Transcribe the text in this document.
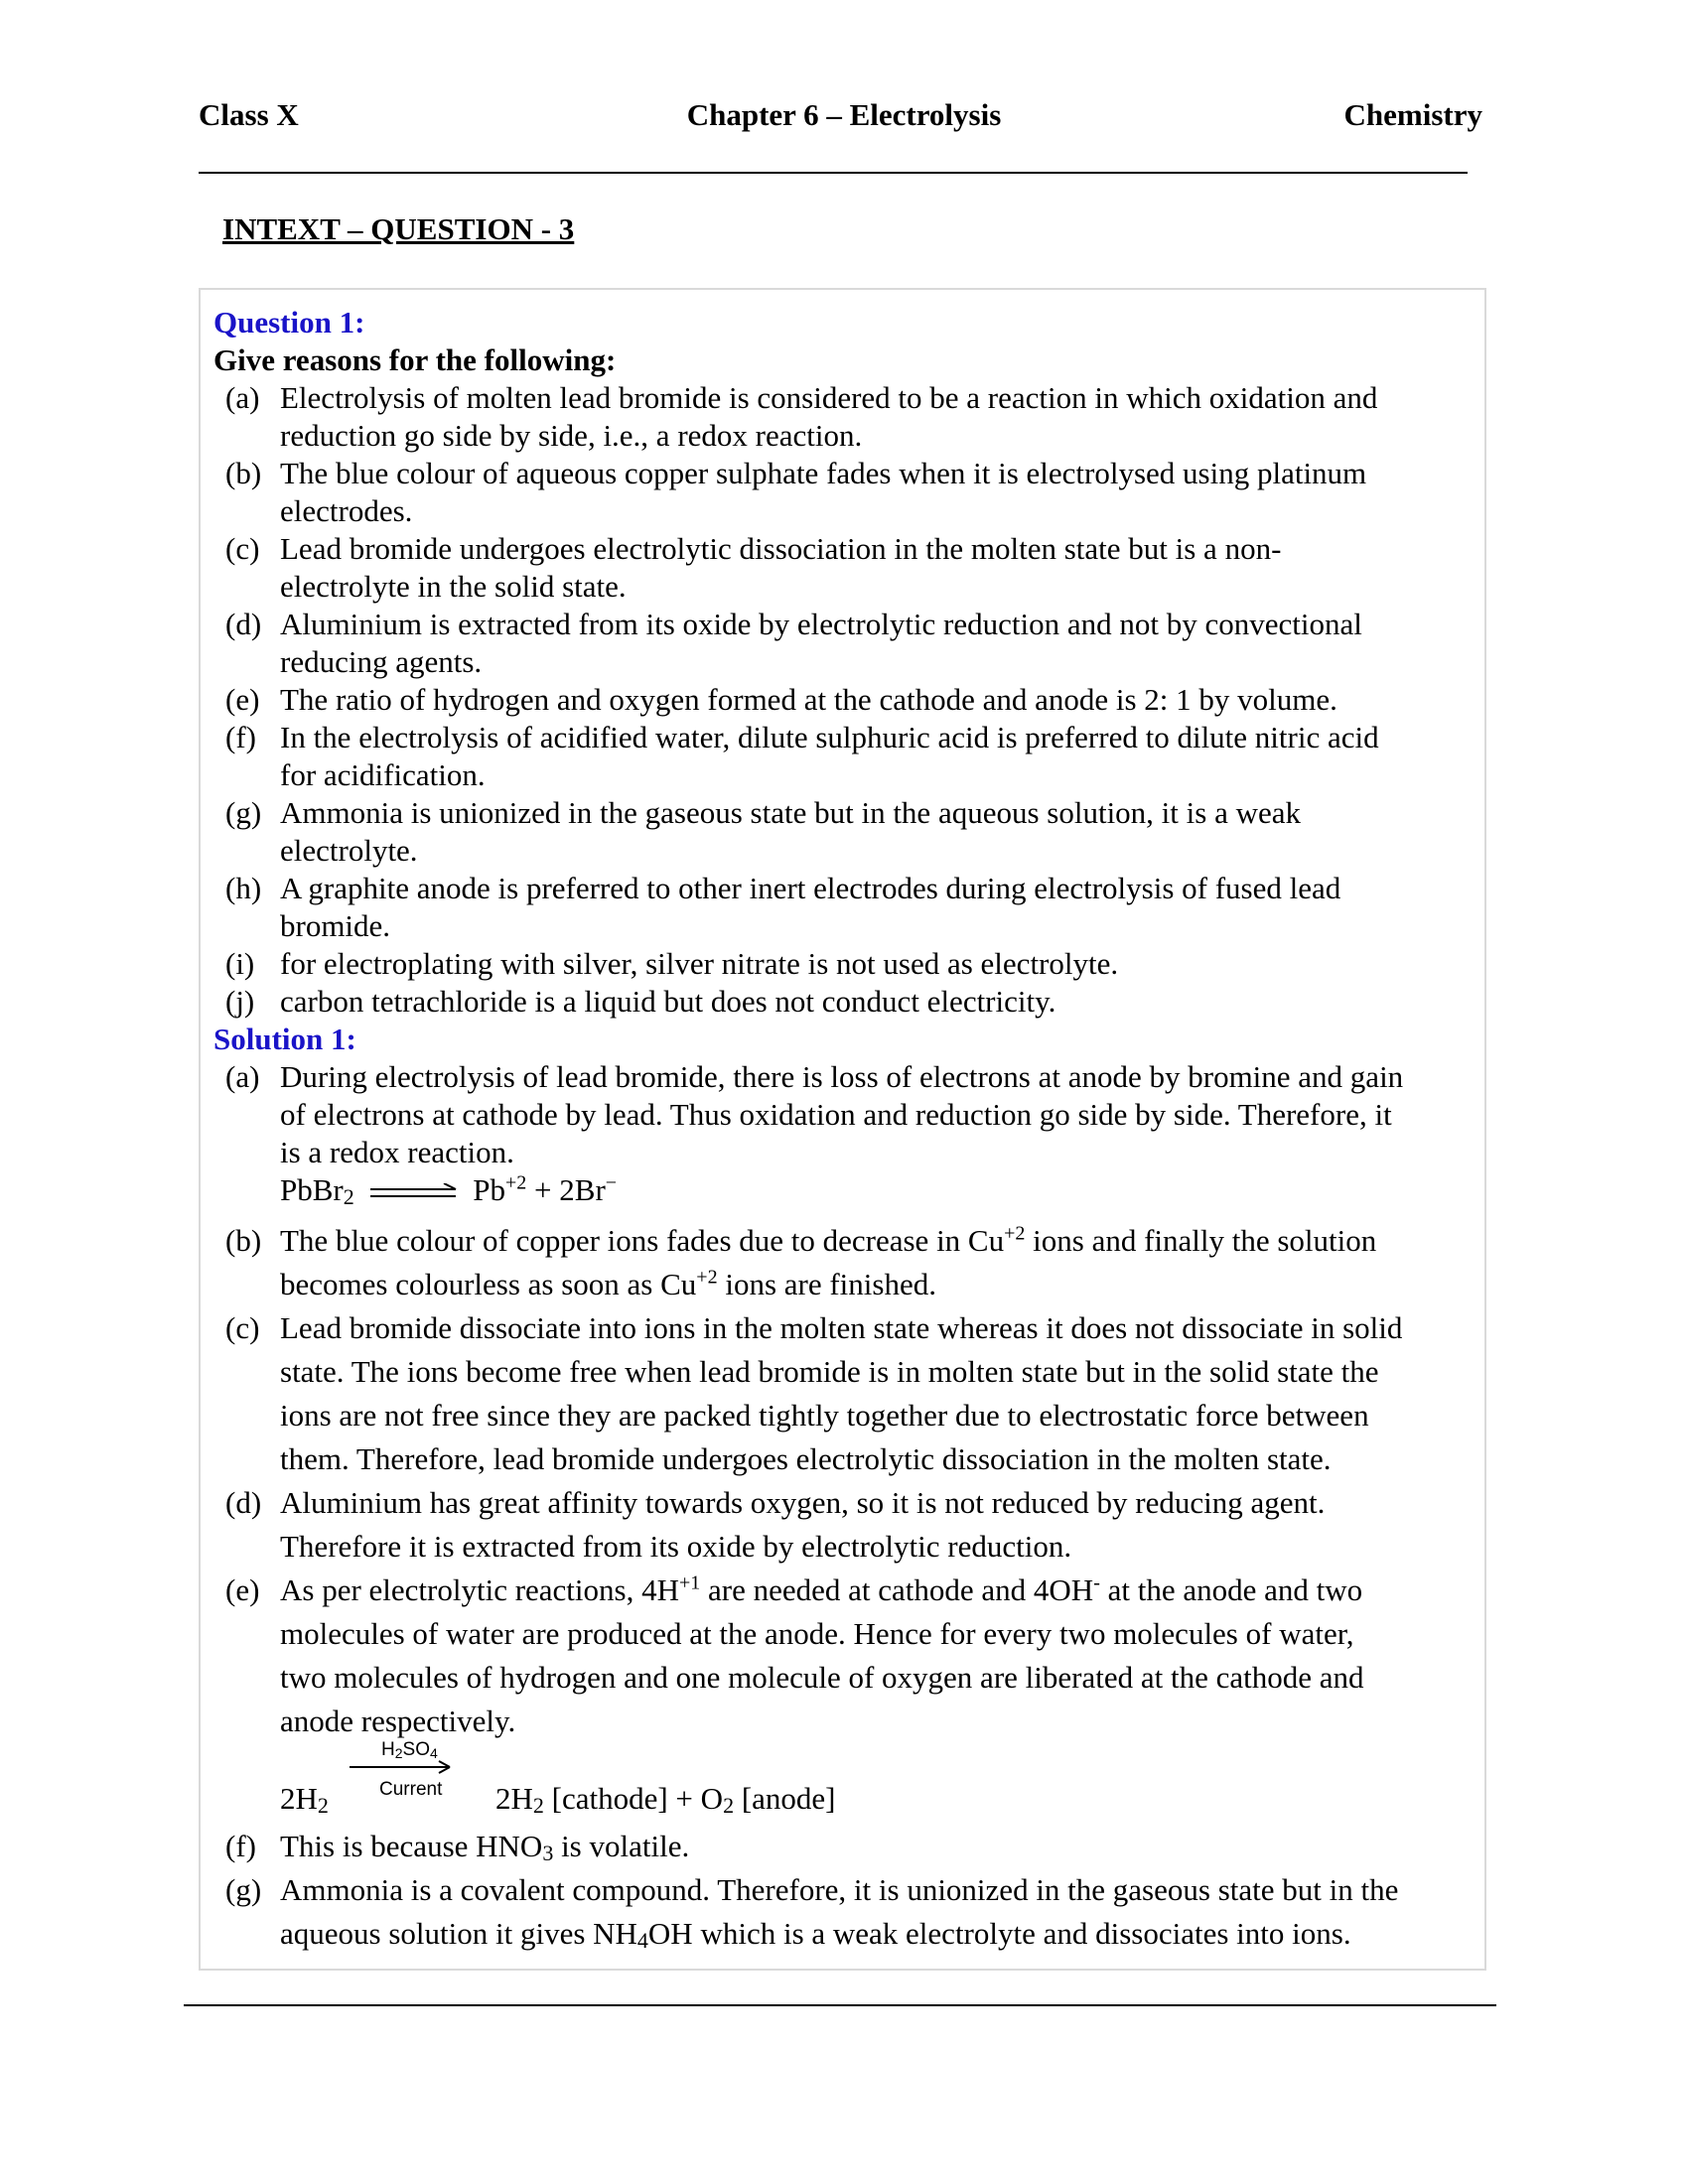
Class X	Chapter 6 – Electrolysis	Chemistry
INTEXT – QUESTION - 3
Question 1:
Give reasons for the following:
(a) Electrolysis of molten lead bromide is considered to be a reaction in which oxidation and
reduction go side by side, i.e., a redox reaction.
(b) The blue colour of aqueous copper sulphate fades when it is electrolysed using platinum
electrodes.
(c) Lead bromide undergoes electrolytic dissociation in the molten state but is a non-
electrolyte in the solid state.
(d) Aluminium is extracted from its oxide by electrolytic reduction and not by convectional
reducing agents.
(e) The ratio of hydrogen and oxygen formed at the cathode and anode is 2: 1 by volume.
(f) In the electrolysis of acidified water, dilute sulphuric acid is preferred to dilute nitric acid
for acidification.
(g) Ammonia is unionized in the gaseous state but in the aqueous solution, it is a weak
electrolyte.
(h) A graphite anode is preferred to other inert electrodes during electrolysis of fused lead
bromide.
(i) for electroplating with silver, silver nitrate is not used as electrolyte.
(j) carbon tetrachloride is a liquid but does not conduct electricity.
Solution 1:
(a) During electrolysis of lead bromide, there is loss of electrons at anode by bromine and gain
of electrons at cathode by lead. Thus oxidation and reduction go side by side. Therefore, it
is a redox reaction.
PbBr$_2$	$Pb^{+2} + 2Br^-$
(b) The blue colour of copper ions fades due to decrease in $Cu^{+2}$ ions and finally the solution
becomes colourless as soon as $Cu^{+2}$ ions are finished.
(c) Lead bromide dissociate into ions in the molten state whereas it does not dissociate in solid
state. The ions become free when lead bromide is in molten state but in the solid state the
ions are not free since they are packed tightly together due to electrostatic force between
them. Therefore, lead bromide undergoes electrolytic dissociation in the molten state.
(d) Aluminium has great affinity towards oxygen, so it is not reduced by reducing agent.
Therefore it is extracted from its oxide by electrolytic reduction.
(e) As per electrolytic reactions, $4H^{+1}$ are needed at cathode and 4OH- at the anode and two
molecules of water are produced at the anode. Hence for every two molecules of water,
two molecules of hydrogen and one molecule of oxygen are liberated at the cathode and
anode respectively.
$H_2SO_4$
Current
$2H_2$	$2H_2$ [cathode] + $O_2$ [anode]
(f) This is because $HNO_3$ is volatile.
(g) Ammonia is a covalent compound. Therefore, it is unionized in the gaseous state but in the
aqueous solution it gives $NH_4OH$ which is a weak electrolyte and dissociates into ions.
